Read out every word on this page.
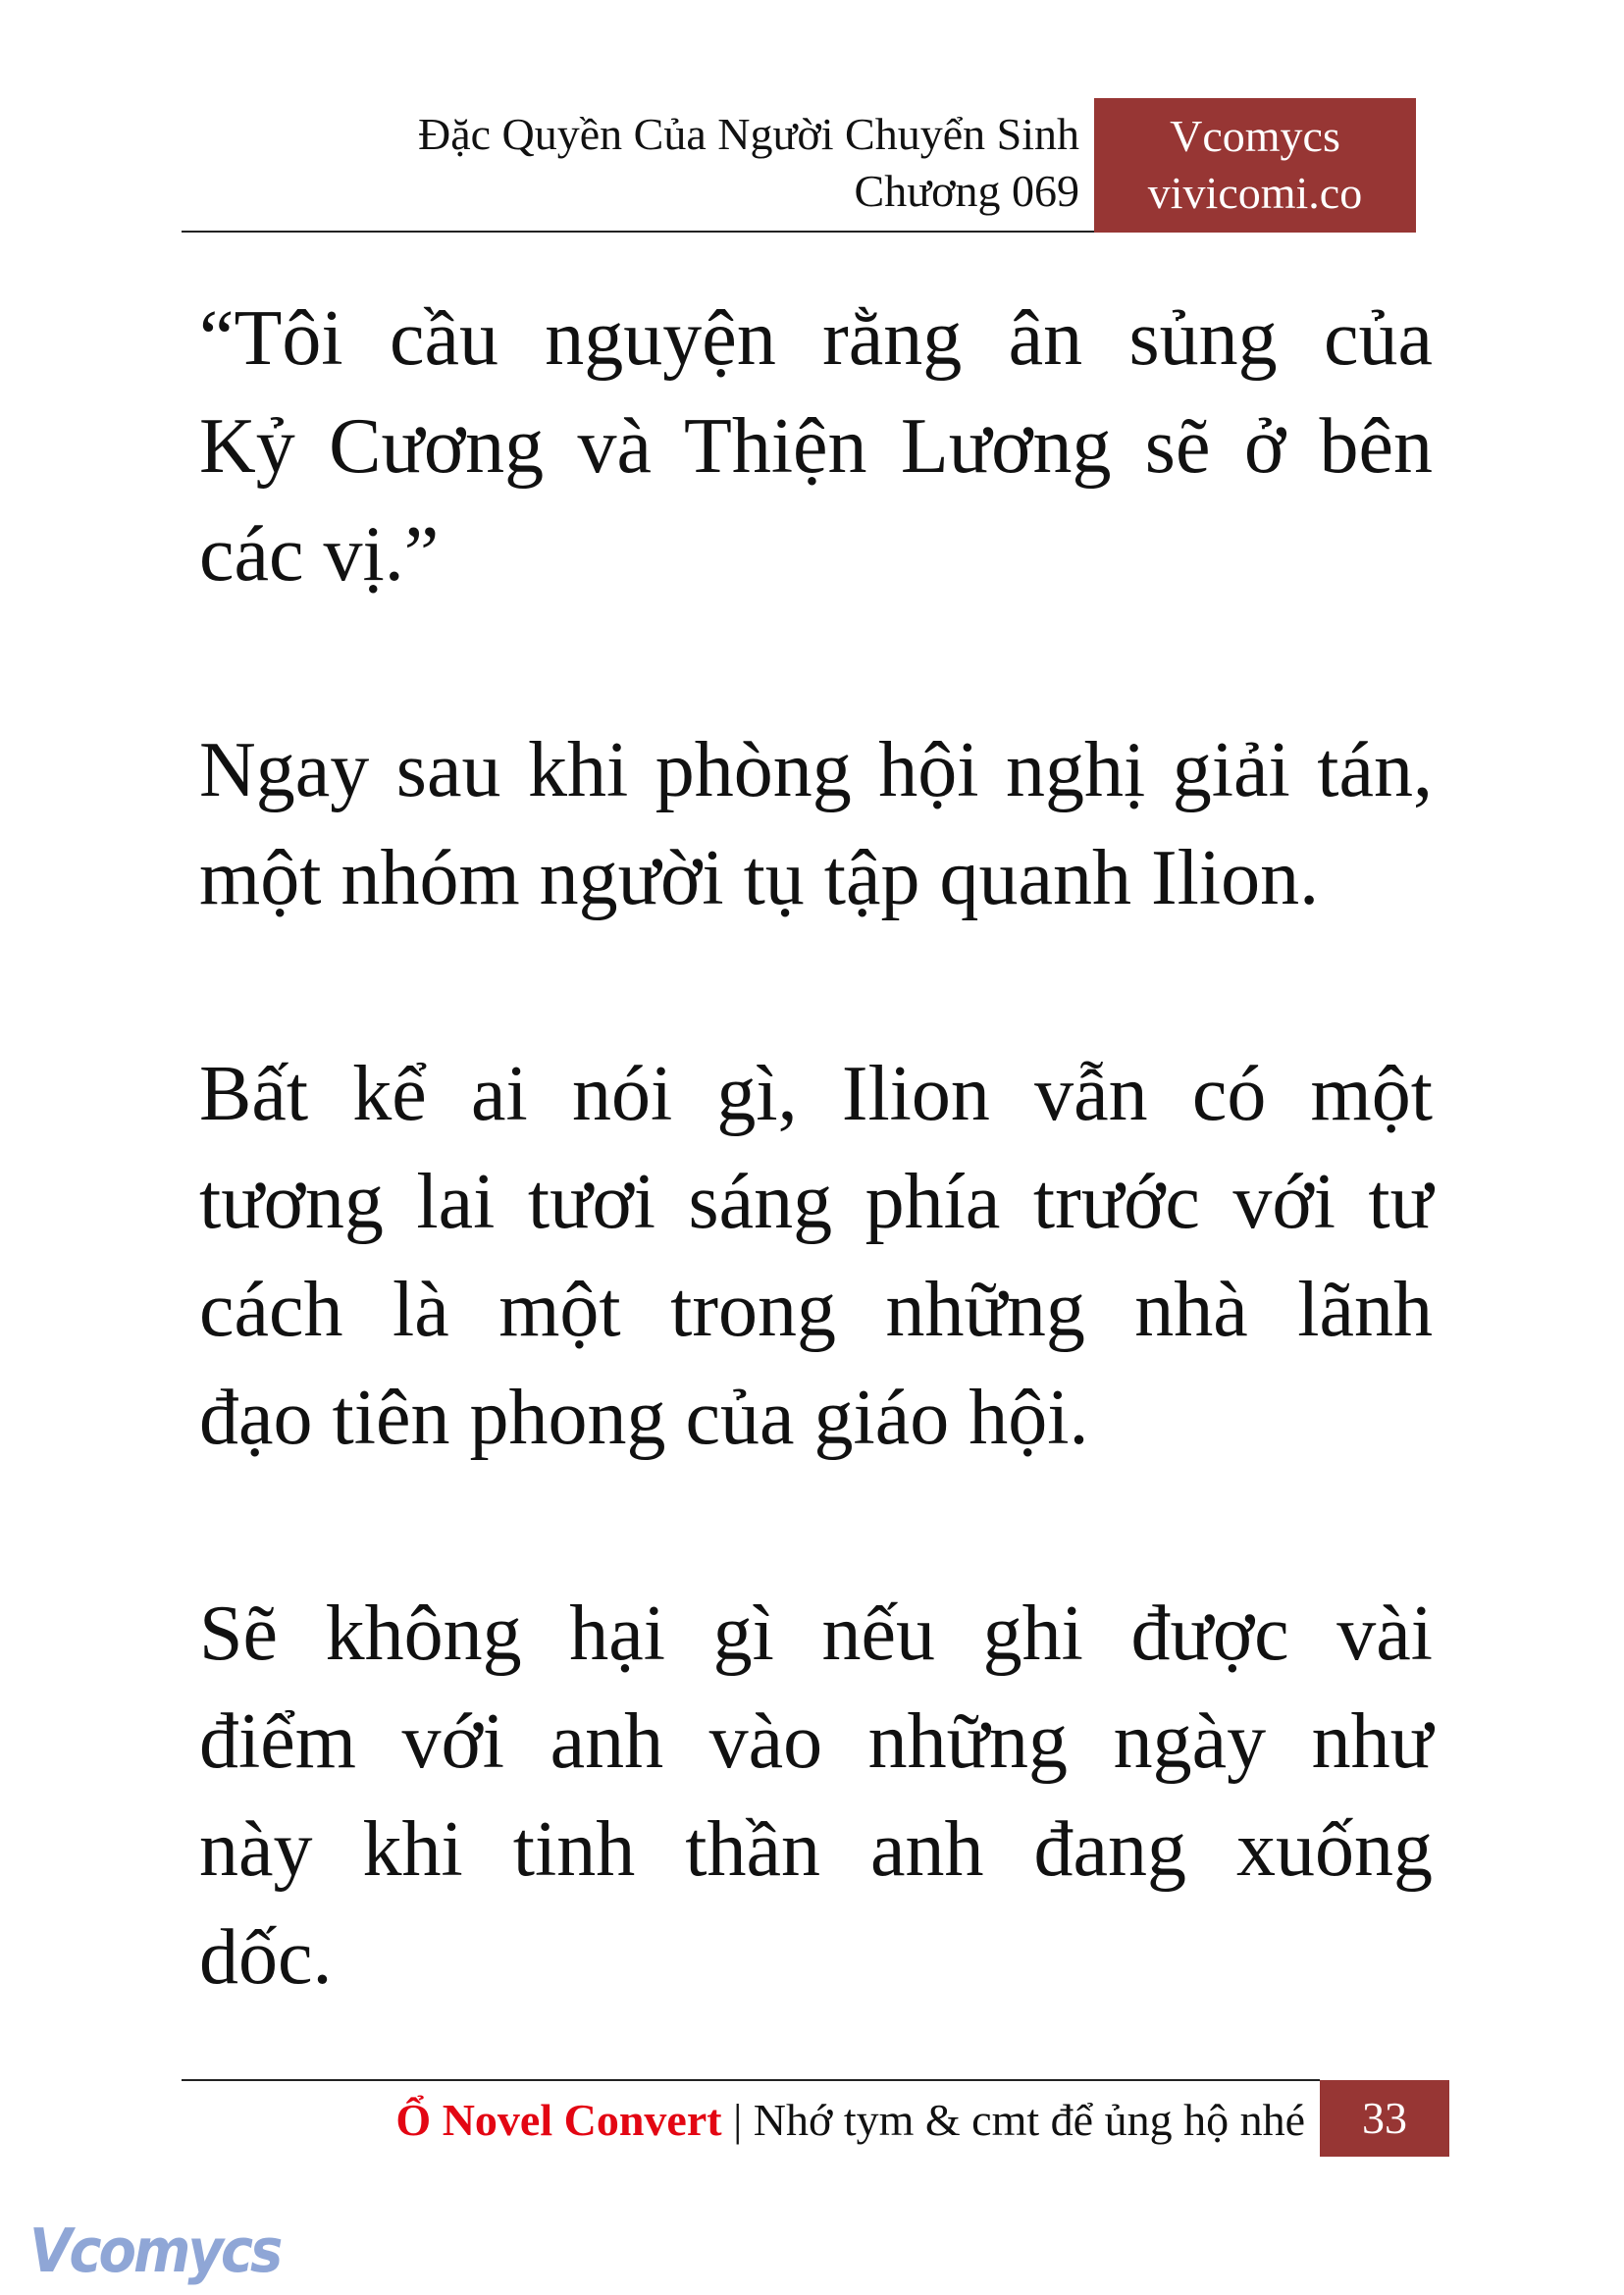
Đặc Quyền Của Người Chuyển Sinh
Chương 069
Vcomycs
vivicomi.co
“Tôi cầu nguyện rằng ân sủng của
Kỷ Cương và Thiện Lương sẽ ở bên
các vị.”
Ngay sau khi phòng hội nghị giải tán,
một nhóm người tụ tập quanh Ilion.
Bất kể ai nói gì, Ilion vẫn có một
tương lai tươi sáng phía trước với tư
cách là một trong những nhà lãnh
đạo tiên phong của giáo hội.
Sẽ không hại gì nếu ghi được vài
điểm với anh vào những ngày như
này khi tinh thần anh đang xuống
dốc.
Ổ Novel Convert | Nhớ tym & cmt để ủng hộ nhé	33
Vcomycs
